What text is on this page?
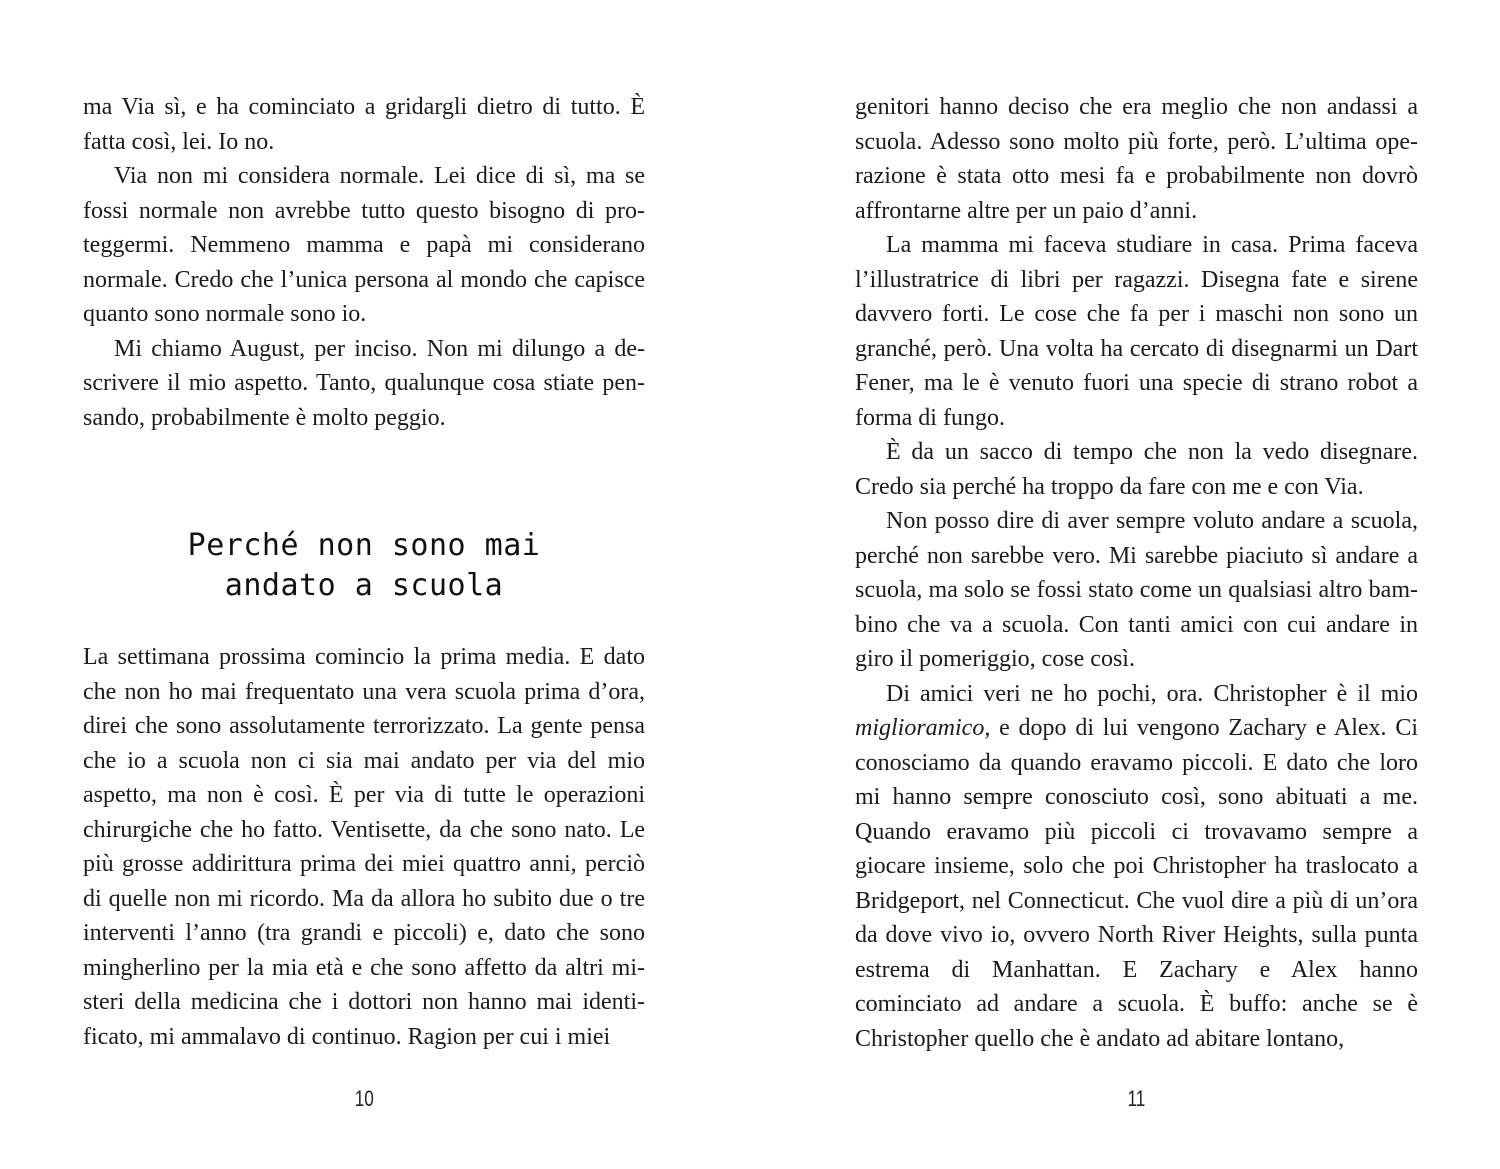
ma Via sì, e ha cominciato a gridargli dietro di tutto. È fatta così, lei. Io no.

Via non mi considera normale. Lei dice di sì, ma se fossi normale non avrebbe tutto questo bisogno di proteggermi. Nemmeno mamma e papà mi considerano normale. Credo che l’unica persona al mondo che capisce quanto sono normale sono io.

Mi chiamo August, per inciso. Non mi dilungo a descrivere il mio aspetto. Tanto, qualunque cosa stiate pensando, probabilmente è molto peggio.

Perché non sono mai
andato a scuola

La settimana prossima comincio la prima media. E dato che non ho mai frequentato una vera scuola prima d’ora, direi che sono assolutamente terrorizzato. La gente pensa che io a scuola non ci sia mai andato per via del mio aspetto, ma non è così. È per via di tutte le operazioni chirurgiche che ho fatto. Ventisette, da che sono nato. Le più grosse addirittura prima dei miei quattro anni, perciò di quelle non mi ricordo. Ma da allora ho subito due o tre interventi l’anno (tra grandi e piccoli) e, dato che sono mingherlino per la mia età e che sono affetto da altri misteri della medicina che i dottori non hanno mai identificato, mi ammalavo di continuo. Ragion per cui i miei

10

genitori hanno deciso che era meglio che non andassi a scuola. Adesso sono molto più forte, però. L’ultima operazione è stata otto mesi fa e probabilmente non dovrò affrontarne altre per un paio d’anni.

La mamma mi faceva studiare in casa. Prima faceva l’illustratrice di libri per ragazzi. Disegna fate e sirene davvero forti. Le cose che fa per i maschi non sono un granché, però. Una volta ha cercato di disegnarmi un Dart Fener, ma le è venuto fuori una specie di strano robot a forma di fungo.

È da un sacco di tempo che non la vedo disegnare. Credo sia perché ha troppo da fare con me e con Via.

Non posso dire di aver sempre voluto andare a scuola, perché non sarebbe vero. Mi sarebbe piaciuto sì andare a scuola, ma solo se fossi stato come un qualsiasi altro bambino che va a scuola. Con tanti amici con cui andare in giro il pomeriggio, cose così.

Di amici veri ne ho pochi, ora. Christopher è il mio miglioramico, e dopo di lui vengono Zachary e Alex. Ci conosciamo da quando eravamo piccoli. E dato che loro mi hanno sempre conosciuto così, sono abituati a me. Quando eravamo più piccoli ci trovavamo sempre a giocare insieme, solo che poi Christopher ha traslocato a Bridgeport, nel Connecticut. Che vuol dire a più di un’ora da dove vivo io, ovvero North River Heights, sulla punta estrema di Manhattan. E Zachary e Alex hanno cominciato ad andare a scuola. È buffo: anche se è Christopher quello che è andato ad abitare lontano,

11
